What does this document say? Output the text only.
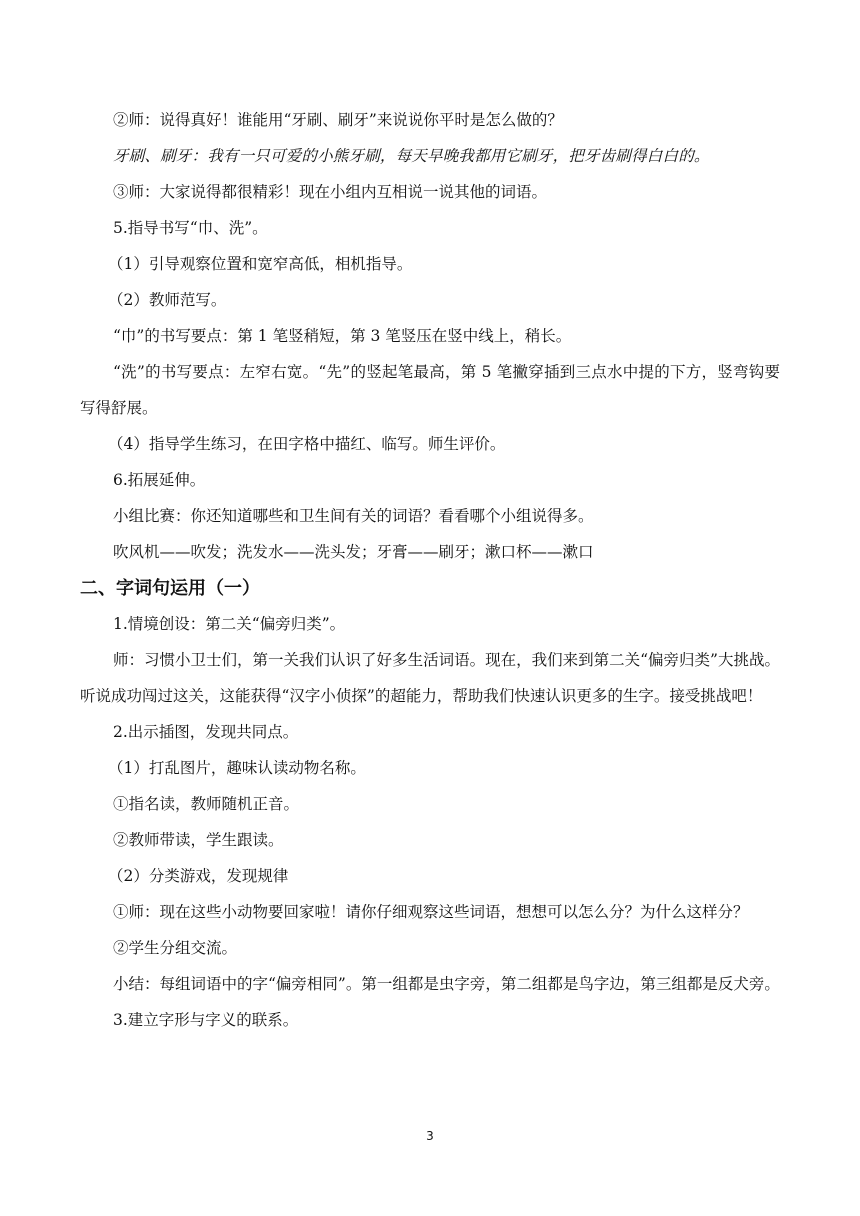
②师：说得真好！谁能用“牙刷、刷牙”来说说你平时是怎么做的？

牙刷、刷牙：我有一只可爱的小熊牙刷，每天早晚我都用它刷牙，把牙齿刷得白白的。

③师：大家说得都很精彩！现在小组内互相说一说其他的词语。

5.指导书写“巾、洗”。

（1）引导观察位置和宽窄高低，相机指导。

（2）教师范写。

“巾”的书写要点：第 1 笔竖稍短，第 3 笔竖压在竖中线上，稍长。

“洗”的书写要点：左窄右宽。“先”的竖起笔最高，第 5 笔撇穿插到三点水中提的下方，竖弯钩要写得舒展。

（4）指导学生练习，在田字格中描红、临写。师生评价。

6.拓展延伸。

小组比赛：你还知道哪些和卫生间有关的词语？看看哪个小组说得多。

吹风机——吹发；洗发水——洗头发；牙膏——刷牙；漱口杯——漱口

二、字词句运用（一）

1.情境创设：第二关“偏旁归类”。

师：习惯小卫士们，第一关我们认识了好多生活词语。现在，我们来到第二关“偏旁归类”大挑战。听说成功闯过这关，这能获得“汉字小侦探”的超能力，帮助我们快速认识更多的生字。接受挑战吧！

2.出示插图，发现共同点。

（1）打乱图片，趣味认读动物名称。

①指名读，教师随机正音。

②教师带读，学生跟读。

（2）分类游戏，发现规律

①师：现在这些小动物要回家啦！请你仔细观察这些词语，想想可以怎么分？为什么这样分？

②学生分组交流。

小结：每组词语中的字“偏旁相同”。第一组都是虫字旁，第二组都是鸟字边，第三组都是反犬旁。

3.建立字形与字义的联系。

3
